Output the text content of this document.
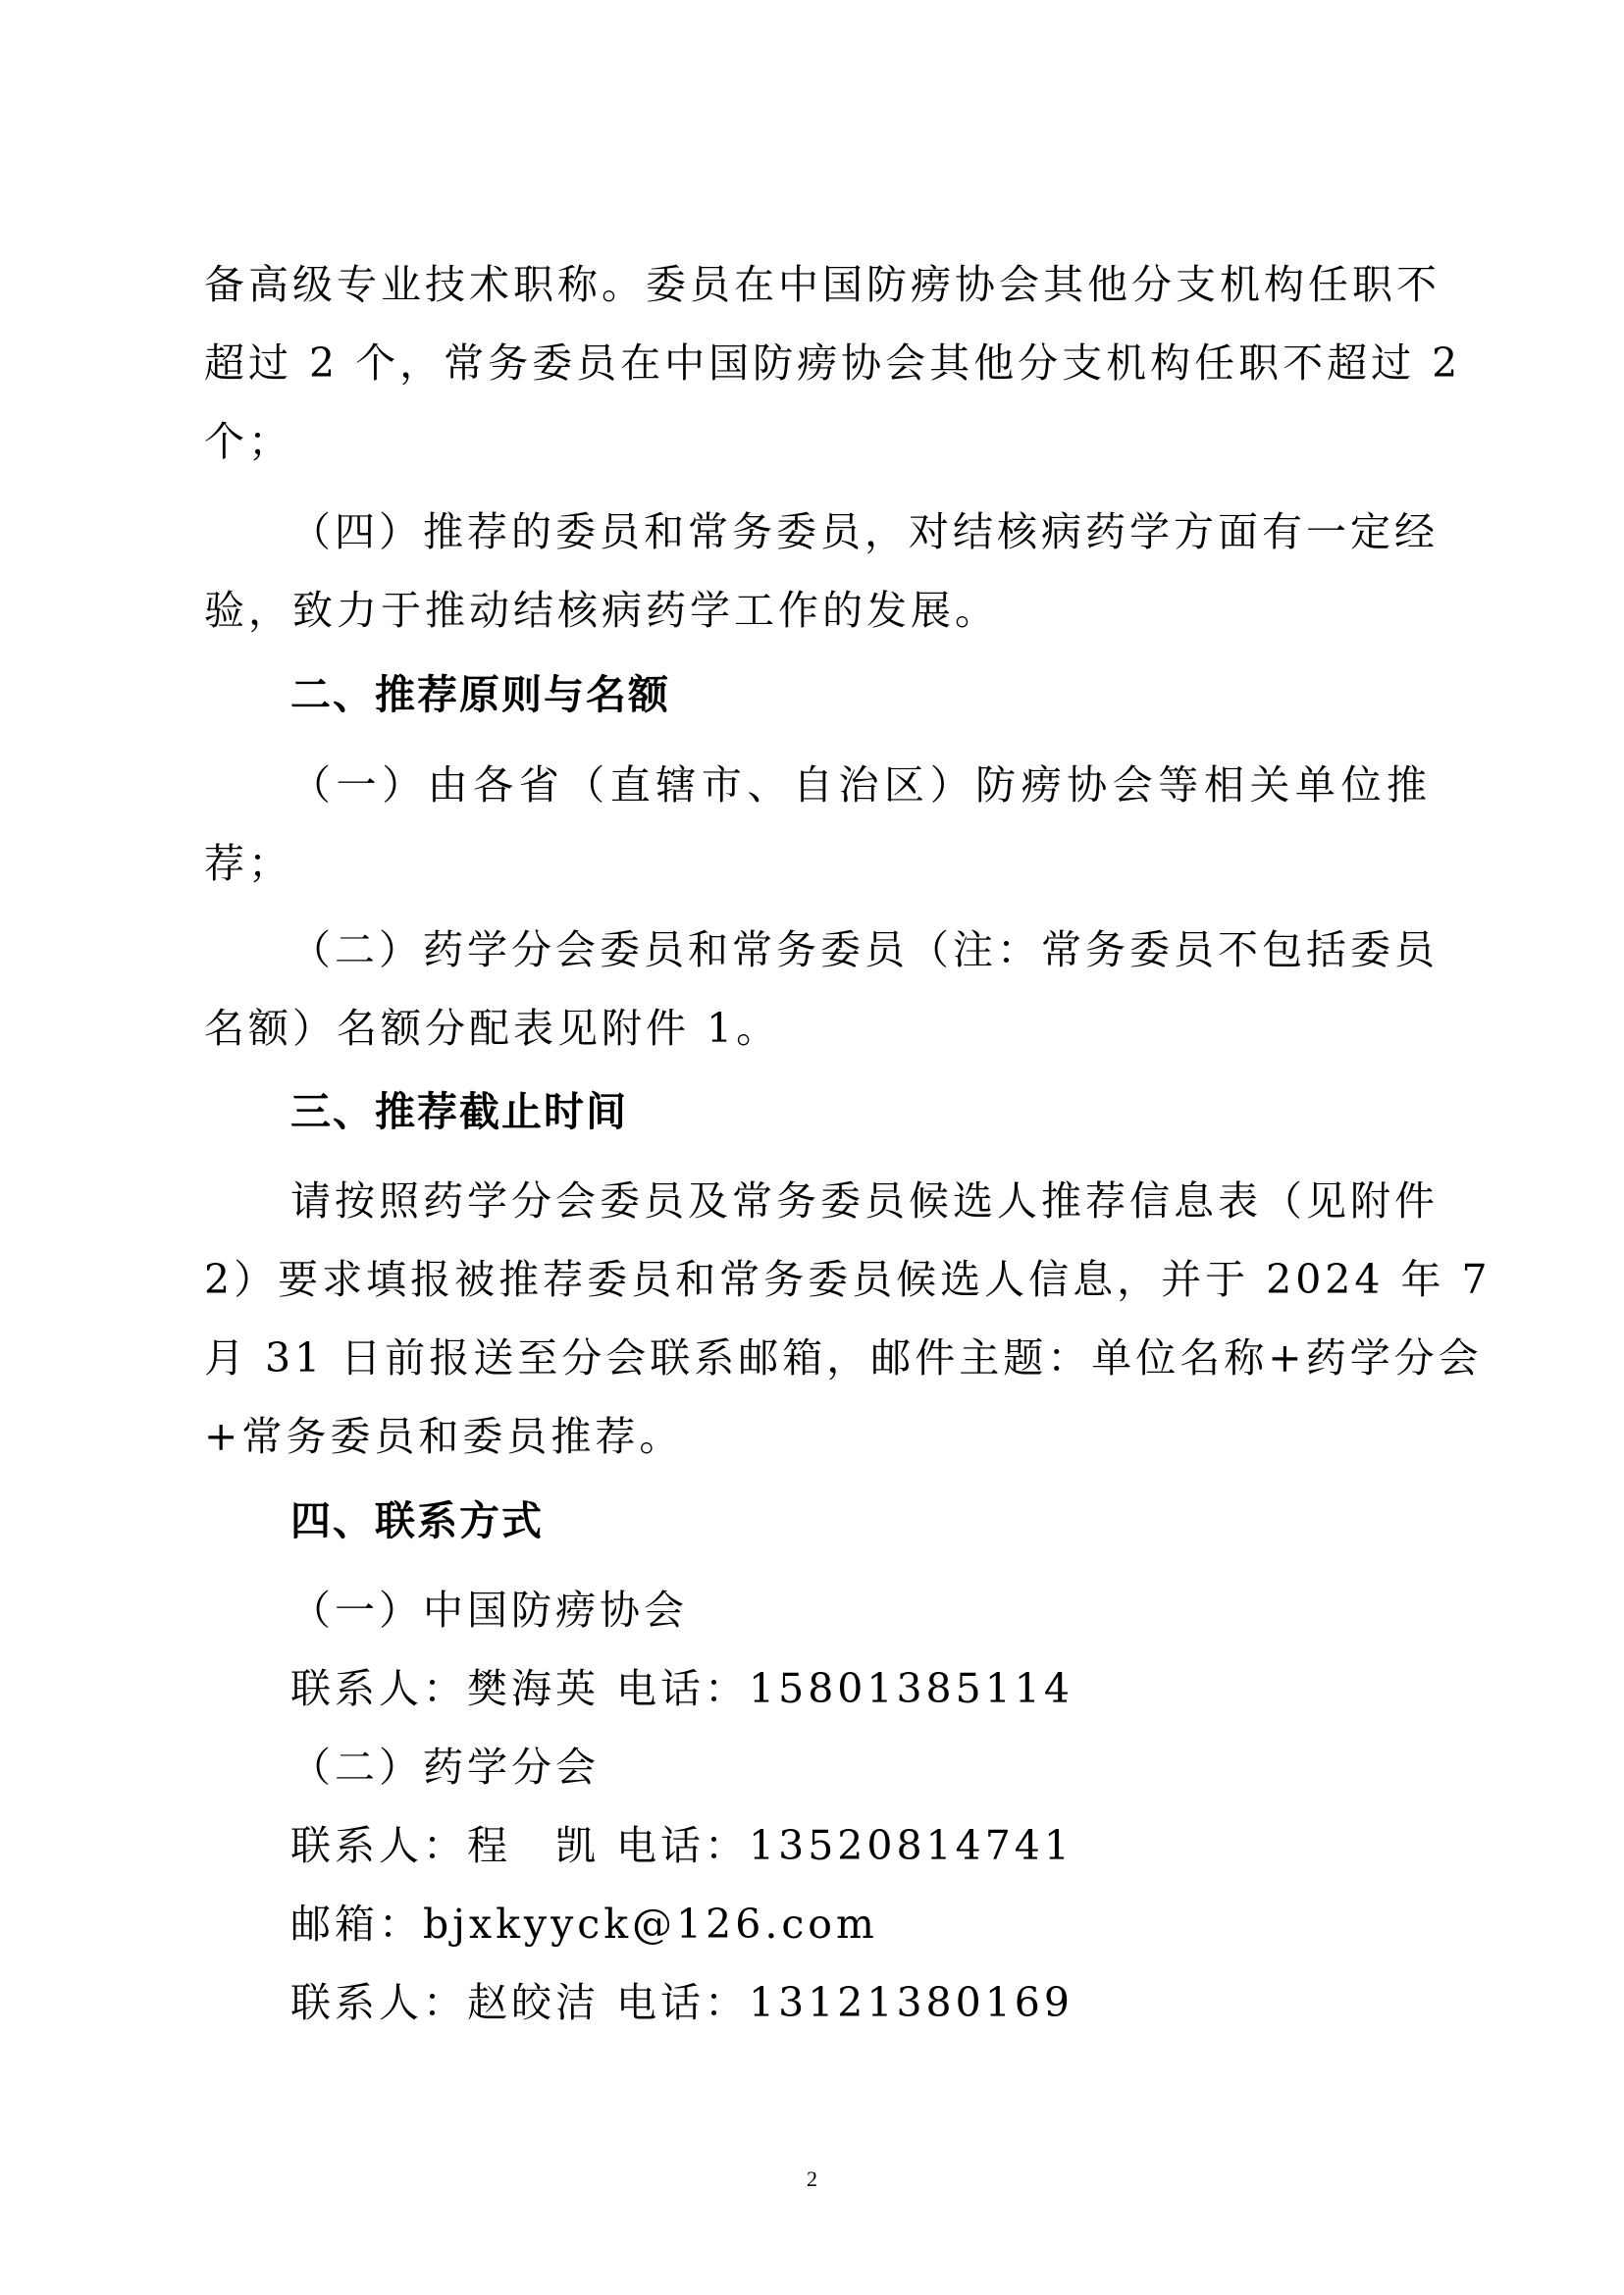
备高级专业技术职称。委员在中国防痨协会其他分支机构任职不
超过 2 个，常务委员在中国防痨协会其他分支机构任职不超过 2
个；
（四）推荐的委员和常务委员，对结核病药学方面有一定经
验，致力于推动结核病药学工作的发展。
二、推荐原则与名额
（一）由各省（直辖市、自治区）防痨协会等相关单位推
荐；
（二）药学分会委员和常务委员（注：常务委员不包括委员
名额）名额分配表见附件 1。
三、推荐截止时间
请按照药学分会委员及常务委员候选人推荐信息表（见附件
2）要求填报被推荐委员和常务委员候选人信息，并于 2024 年 7
月 31 日前报送至分会联系邮箱，邮件主题：单位名称+药学分会
+常务委员和委员推荐。
四、联系方式
（一）中国防痨协会
联系人：樊海英 电话：15801385114
（二）药学分会
联系人：程　凯 电话：13520814741
邮箱：bjxkyyck@126.com
联系人：赵皎洁 电话：13121380169
2
